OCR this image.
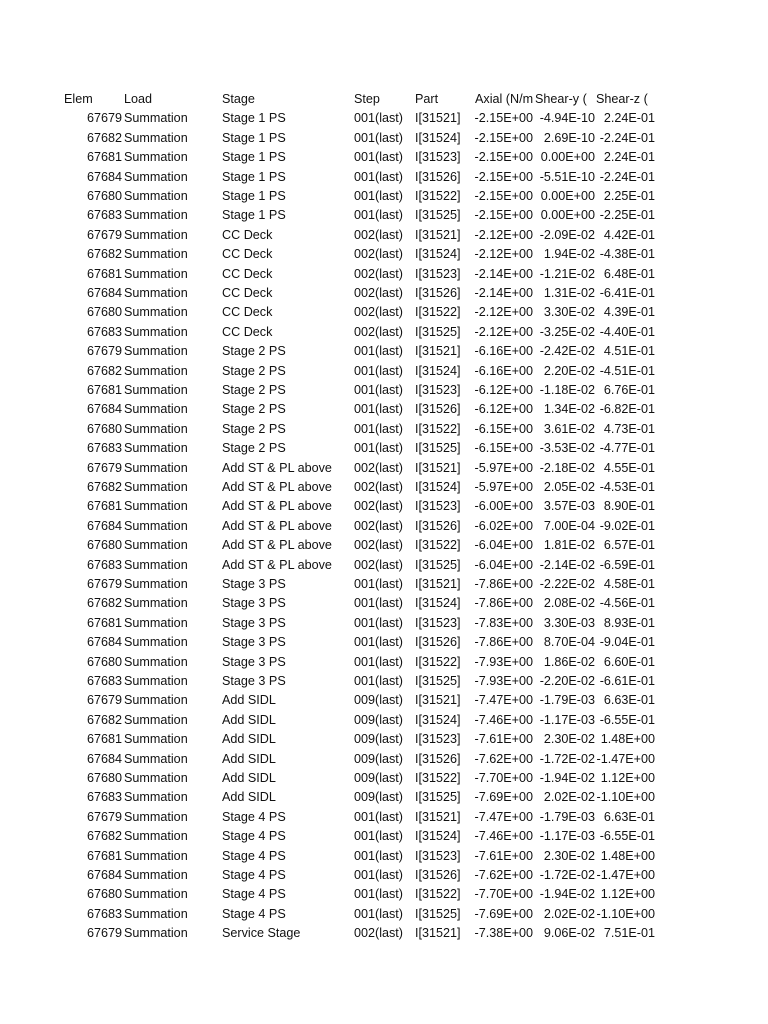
Elem	Load	Stage	Step	Part	Axial (N/m Shear-y ( Shear-z (
67679 Summation	Stage 1 PS	001(last) I[31521]	-2.15E+00 -4.94E-10 2.24E-01
67682 Summation	Stage 1 PS	001(last) I[31524]	-2.15E+00 2.69E-10 -2.24E-01
67681 Summation	Stage 1 PS	001(last) I[31523]	-2.15E+00 0.00E+00 2.24E-01
67684 Summation	Stage 1 PS	001(last) I[31526]	-2.15E+00 -5.51E-10 -2.24E-01
67680 Summation	Stage 1 PS	001(last) I[31522]	-2.15E+00 0.00E+00 2.25E-01
67683 Summation	Stage 1 PS	001(last) I[31525]	-2.15E+00 0.00E+00 -2.25E-01
67679 Summation	CC Deck	002(last) I[31521]	-2.12E+00 -2.09E-02 4.42E-01
67682 Summation	CC Deck	002(last) I[31524]	-2.12E+00 1.94E-02 -4.38E-01
67681 Summation	CC Deck	002(last) I[31523]	-2.14E+00 -1.21E-02 6.48E-01
67684 Summation	CC Deck	002(last) I[31526]	-2.14E+00 1.31E-02 -6.41E-01
67680 Summation	CC Deck	002(last) I[31522]	-2.12E+00 3.30E-02 4.39E-01
67683 Summation	CC Deck	002(last) I[31525]	-2.12E+00 -3.25E-02 -4.40E-01
67679 Summation	Stage 2 PS	001(last) I[31521]	-6.16E+00 -2.42E-02 4.51E-01
67682 Summation	Stage 2 PS	001(last) I[31524]	-6.16E+00 2.20E-02 -4.51E-01
67681 Summation	Stage 2 PS	001(last) I[31523]	-6.12E+00 -1.18E-02 6.76E-01
67684 Summation	Stage 2 PS	001(last) I[31526]	-6.12E+00 1.34E-02 -6.82E-01
67680 Summation	Stage 2 PS	001(last) I[31522]	-6.15E+00 3.61E-02 4.73E-01
67683 Summation	Stage 2 PS	001(last) I[31525]	-6.15E+00 -3.53E-02 -4.77E-01
67679 Summation	Add ST & PL above	002(last) I[31521]	-5.97E+00 -2.18E-02 4.55E-01
67682 Summation	Add ST & PL above	002(last) I[31524]	-5.97E+00 2.05E-02 -4.53E-01
67681 Summation	Add ST & PL above	002(last) I[31523]	-6.00E+00 3.57E-03 8.90E-01
67684 Summation	Add ST & PL above	002(last) I[31526]	-6.02E+00 7.00E-04 -9.02E-01
67680 Summation	Add ST & PL above	002(last) I[31522]	-6.04E+00 1.81E-02 6.57E-01
67683 Summation	Add ST & PL above	002(last) I[31525]	-6.04E+00 -2.14E-02 -6.59E-01
67679 Summation	Stage 3 PS	001(last) I[31521]	-7.86E+00 -2.22E-02 4.58E-01
67682 Summation	Stage 3 PS	001(last) I[31524]	-7.86E+00 2.08E-02 -4.56E-01
67681 Summation	Stage 3 PS	001(last) I[31523]	-7.83E+00 3.30E-03 8.93E-01
67684 Summation	Stage 3 PS	001(last) I[31526]	-7.86E+00 8.70E-04 -9.04E-01
67680 Summation	Stage 3 PS	001(last) I[31522]	-7.93E+00 1.86E-02 6.60E-01
67683 Summation	Stage 3 PS	001(last) I[31525]	-7.93E+00 -2.20E-02 -6.61E-01
67679 Summation	Add SIDL	009(last) I[31521]	-7.47E+00 -1.79E-03 6.63E-01
67682 Summation	Add SIDL	009(last) I[31524]	-7.46E+00 -1.17E-03 -6.55E-01
67681 Summation	Add SIDL	009(last) I[31523]	-7.61E+00 2.30E-02 1.48E+00
67684 Summation	Add SIDL	009(last) I[31526]	-7.62E+00 -1.72E-02 -1.47E+00
67680 Summation	Add SIDL	009(last) I[31522]	-7.70E+00 -1.94E-02 1.12E+00
67683 Summation	Add SIDL	009(last) I[31525]	-7.69E+00 2.02E-02 -1.10E+00
67679 Summation	Stage 4 PS	001(last) I[31521]	-7.47E+00 -1.79E-03 6.63E-01
67682 Summation	Stage 4 PS	001(last) I[31524]	-7.46E+00 -1.17E-03 -6.55E-01
67681 Summation	Stage 4 PS	001(last) I[31523]	-7.61E+00 2.30E-02 1.48E+00
67684 Summation	Stage 4 PS	001(last) I[31526]	-7.62E+00 -1.72E-02 -1.47E+00
67680 Summation	Stage 4 PS	001(last) I[31522]	-7.70E+00 -1.94E-02 1.12E+00
67683 Summation	Stage 4 PS	001(last) I[31525]	-7.69E+00 2.02E-02 -1.10E+00
67679 Summation	Service Stage	002(last) I[31521]	-7.38E+00 9.06E-02 7.51E-01
